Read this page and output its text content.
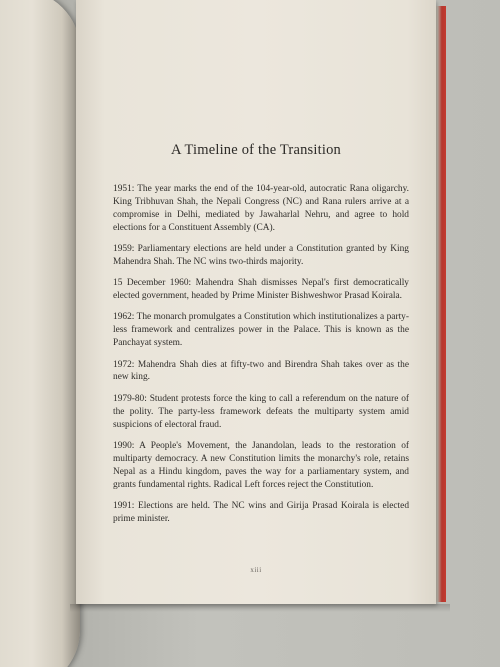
A Timeline of the Transition

1951: The year marks the end of the 104-year-old, autocratic Rana oligarchy. King Tribhuvan Shah, the Nepali Congress (NC) and Rana rulers arrive at a compromise in Delhi, mediated by Jawaharlal Nehru, and agree to hold elections for a Constituent Assembly (CA).

1959: Parliamentary elections are held under a Constitution granted by King Mahendra Shah. The NC wins two-thirds majority.

15 December 1960: Mahendra Shah dismisses Nepal's first democratically elected government, headed by Prime Minister Bishweshwor Prasad Koirala.

1962: The monarch promulgates a Constitution which institutionalizes a party-less framework and centralizes power in the Palace. This is known as the Panchayat system.

1972: Mahendra Shah dies at fifty-two and Birendra Shah takes over as the new king.

1979-80: Student protests force the king to call a referendum on the nature of the polity. The party-less framework defeats the multiparty system amid suspicions of electoral fraud.

1990: A People's Movement, the Janandolan, leads to the restoration of multiparty democracy. A new Constitution limits the monarchy's role, retains Nepal as a Hindu kingdom, paves the way for a parliamentary system, and grants fundamental rights. Radical Left forces reject the Constitution.

1991: Elections are held. The NC wins and Girija Prasad Koirala is elected prime minister.

xiii
